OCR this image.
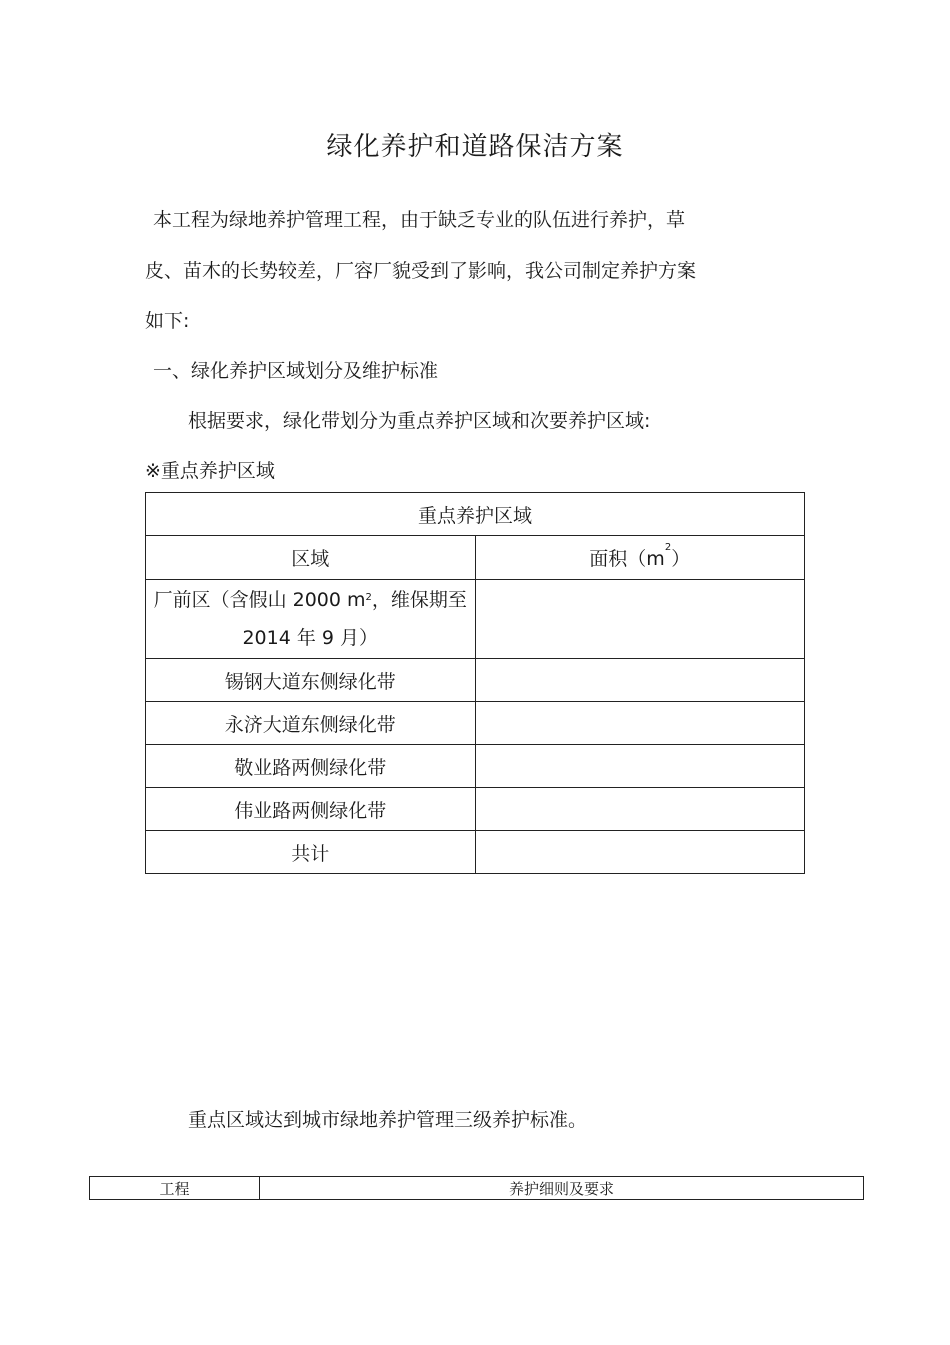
绿化养护和道路保洁方案
本工程为绿地养护管理工程，由于缺乏专业的队伍进行养护，草
皮、苗木的长势较差，厂容厂貌受到了影响，我公司制定养护方案
如下:
一、绿化养护区域划分及维护标准
根据要求，绿化带划分为重点养护区域和次要养护区域:
※重点养护区域
重点养护区域	
区域	面积$(m^2)$
厂前区（含假山 2000 $m^2$，维保期至
2014 年 9 月）	
锡钢大道东侧绿化带	
永济大道东侧绿化带	
敬业路两侧绿化带	
伟业路两侧绿化带	
共计	
重点区域达到城市绿地养护管理三级养护标准。
工程	养护细则及要求
